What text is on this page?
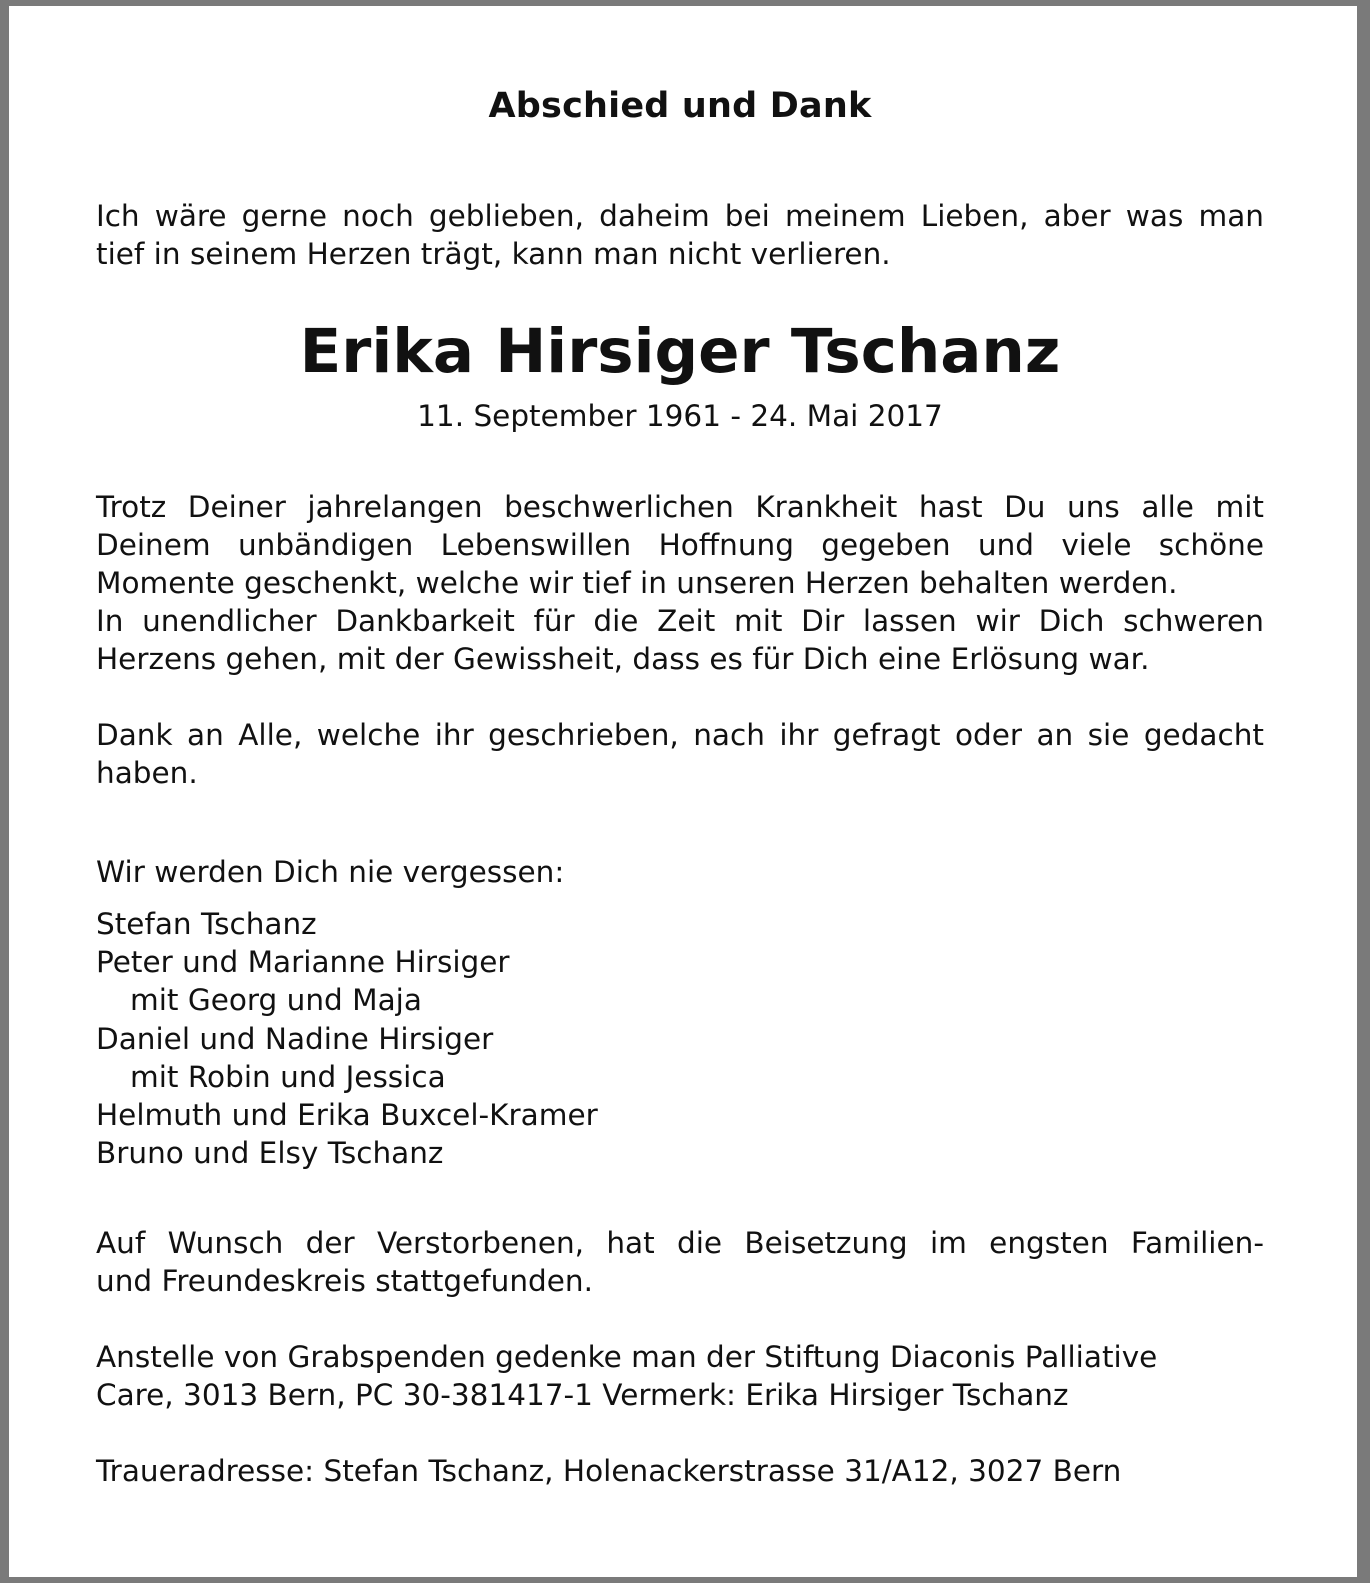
Abschied und Dank
Ich wäre gerne noch geblieben, daheim bei meinem Lieben, aber was man
tief in seinem Herzen trägt, kann man nicht verlieren.
Erika Hirsiger Tschanz
11. September 1961 - 24. Mai 2017
Trotz Deiner jahrelangen beschwerlichen Krankheit hast Du uns alle mit
Deinem unbändigen Lebenswillen Hoffnung gegeben und viele schöne
Momente geschenkt, welche wir tief in unseren Herzen behalten werden.
In unendlicher Dankbarkeit für die Zeit mit Dir lassen wir Dich schweren
Herzens gehen, mit der Gewissheit, dass es für Dich eine Erlösung war.
Dank an Alle, welche ihr geschrieben, nach ihr gefragt oder an sie gedacht
haben.
Wir werden Dich nie vergessen:
Stefan Tschanz
Peter und Marianne Hirsiger
mit Georg und Maja
Daniel und Nadine Hirsiger
mit Robin und Jessica
Helmuth und Erika Buxcel-Kramer
Bruno und Elsy Tschanz
Auf Wunsch der Verstorbenen, hat die Beisetzung im engsten Familien-
und Freundeskreis stattgefunden.
Anstelle von Grabspenden gedenke man der Stiftung Diaconis Palliative
Care, 3013 Bern, PC 30-381417-1 Vermerk: Erika Hirsiger Tschanz
Traueradresse: Stefan Tschanz, Holenackerstrasse 31/A12, 3027 Bern
